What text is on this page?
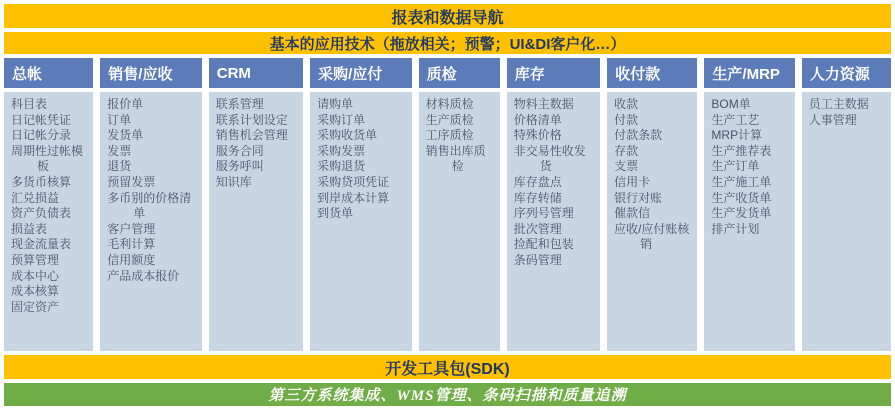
报表和数据导航
基本的应用技术（拖放相关；预警；UI&DI客户化…）
总帐
科目表
日记帐凭证
日记帐分录
周期性过帐模板
多货币核算
汇兑损益
资产负债表
损益表
现金流量表
预算管理
成本中心
成本核算
固定资产
销售/应收
报价单
订单
发货单
发票
退货
预留发票
多币别的价格清单
客户管理
毛利计算
信用额度
产品成本报价
CRM
联系管理
联系计划设定
销售机会管理
服务合同
服务呼叫
知识库
采购/应付
请购单
采购订单
采购收货单
采购发票
采购退货
采购贷项凭证
到岸成本计算
到货单
质检
材料质检
生产质检
工序质检
销售出库质检
库存
物料主数据
价格清单
特殊价格
非交易性收发货
库存盘点
库存转储
序列号管理
批次管理
捡配和包装
条码管理
收付款
收款
付款
付款条款
存款
支票
信用卡
银行对账
催款信
应收/应付账核销
生产/MRP
BOM单
生产工艺
MRP计算
生产推荐表
生产订单
生产施工单
生产收货单
生产发货单
排产计划
人力资源
员工主数据
人事管理
开发工具包(SDK)
第三方系统集成、WMS管理、条码扫描和质量追溯
